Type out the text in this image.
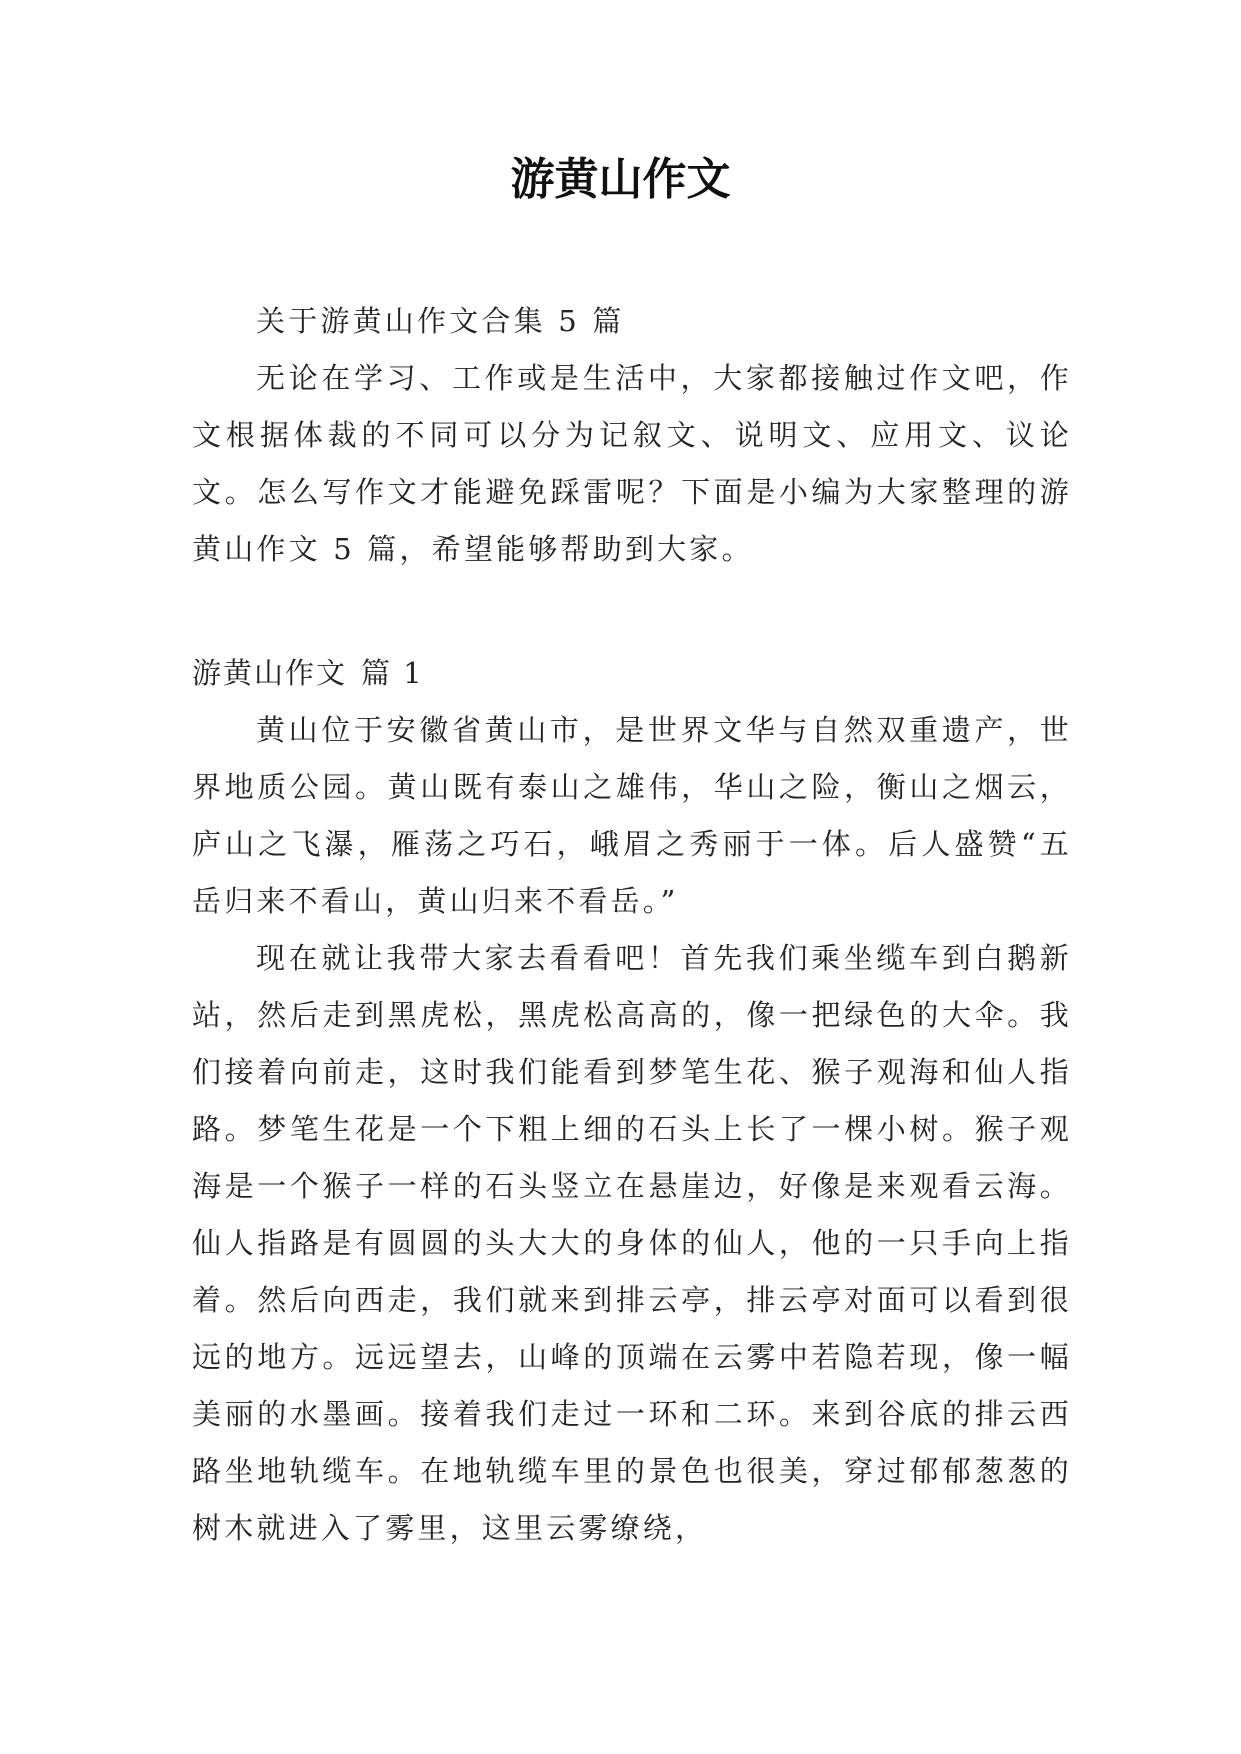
游黄山作文

关于游黄山作文合集 5 篇

无论在学习、工作或是生活中，大家都接触过作文吧，作文根据体裁的不同可以分为记叙文、说明文、应用文、议论文。怎么写作文才能避免踩雷呢？下面是小编为大家整理的游黄山作文 5 篇，希望能够帮助到大家。

游黄山作文 篇 1

黄山位于安徽省黄山市，是世界文华与自然双重遗产，世界地质公园。黄山既有泰山之雄伟，华山之险，衡山之烟云，庐山之飞瀑，雁荡之巧石，峨眉之秀丽于一体。后人盛赞“五岳归来不看山，黄山归来不看岳。”

现在就让我带大家去看看吧！首先我们乘坐缆车到白鹅新站，然后走到黑虎松，黑虎松高高的，像一把绿色的大伞。我们接着向前走，这时我们能看到梦笔生花、猴子观海和仙人指路。梦笔生花是一个下粗上细的石头上长了一棵小树。猴子观海是一个猴子一样的石头竖立在悬崖边，好像是来观看云海。仙人指路是有圆圆的头大大的身体的仙人，他的一只手向上指着。然后向西走，我们就来到排云亭，排云亭对面可以看到很远的地方。远远望去，山峰的顶端在云雾中若隐若现，像一幅美丽的水墨画。接着我们走过一环和二环。来到谷底的排云西路坐地轨缆车。在地轨缆车里的景色也很美，穿过郁郁葱葱的树木就进入了雾里，这里云雾缭绕，
